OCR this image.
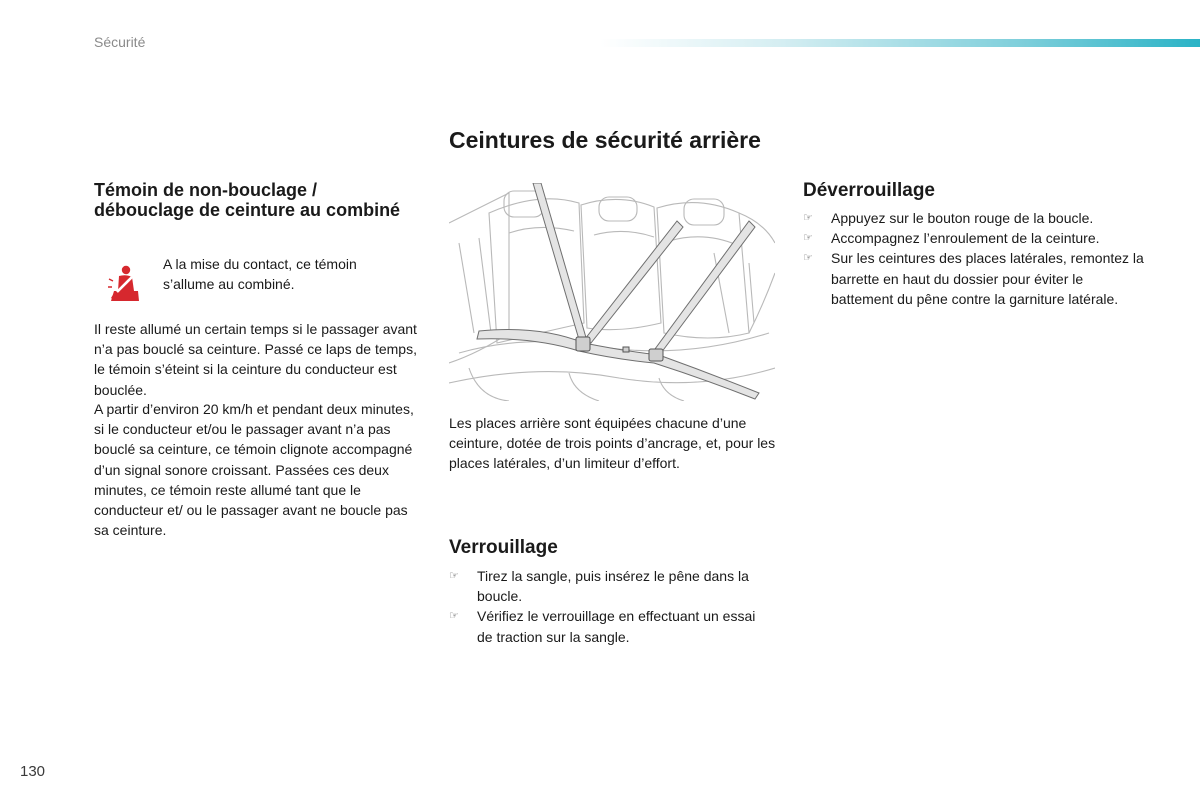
Sécurité
Témoin de non-bouclage / débouclage de ceinture au combiné
A la mise du contact, ce témoin s’allume au combiné.

Il reste allumé un certain temps si le passager avant n’a pas bouclé sa ceinture. Passé ce laps de temps, le témoin s’éteint si la ceinture du conducteur est bouclée.

A partir d’environ 20 km/h et pendant deux minutes, si le conducteur et/ou le passager avant n’a pas bouclé sa ceinture, ce témoin clignote accompagné d’un signal sonore croissant. Passées ces deux minutes, ce témoin reste allumé tant que le conducteur et/ ou le passager avant ne boucle pas sa ceinture.

Ceintures de sécurité arrière

Les places arrière sont équipées chacune d’une ceinture, dotée de trois points d’ancrage, et, pour les places latérales, d’un limiteur d’effort.

Verrouillage
☞ Tirez la sangle, puis insérez le pêne dans la boucle.
☞ Vérifiez le verrouillage en effectuant un essai de traction sur la sangle.
Déverrouillage
☞ Appuyez sur le bouton rouge de la boucle.
☞ Accompagnez l’enroulement de la ceinture.
☞ Sur les ceintures des places latérales, remontez la barrette en haut du dossier pour éviter le battement du pêne contre la garniture latérale.
130
